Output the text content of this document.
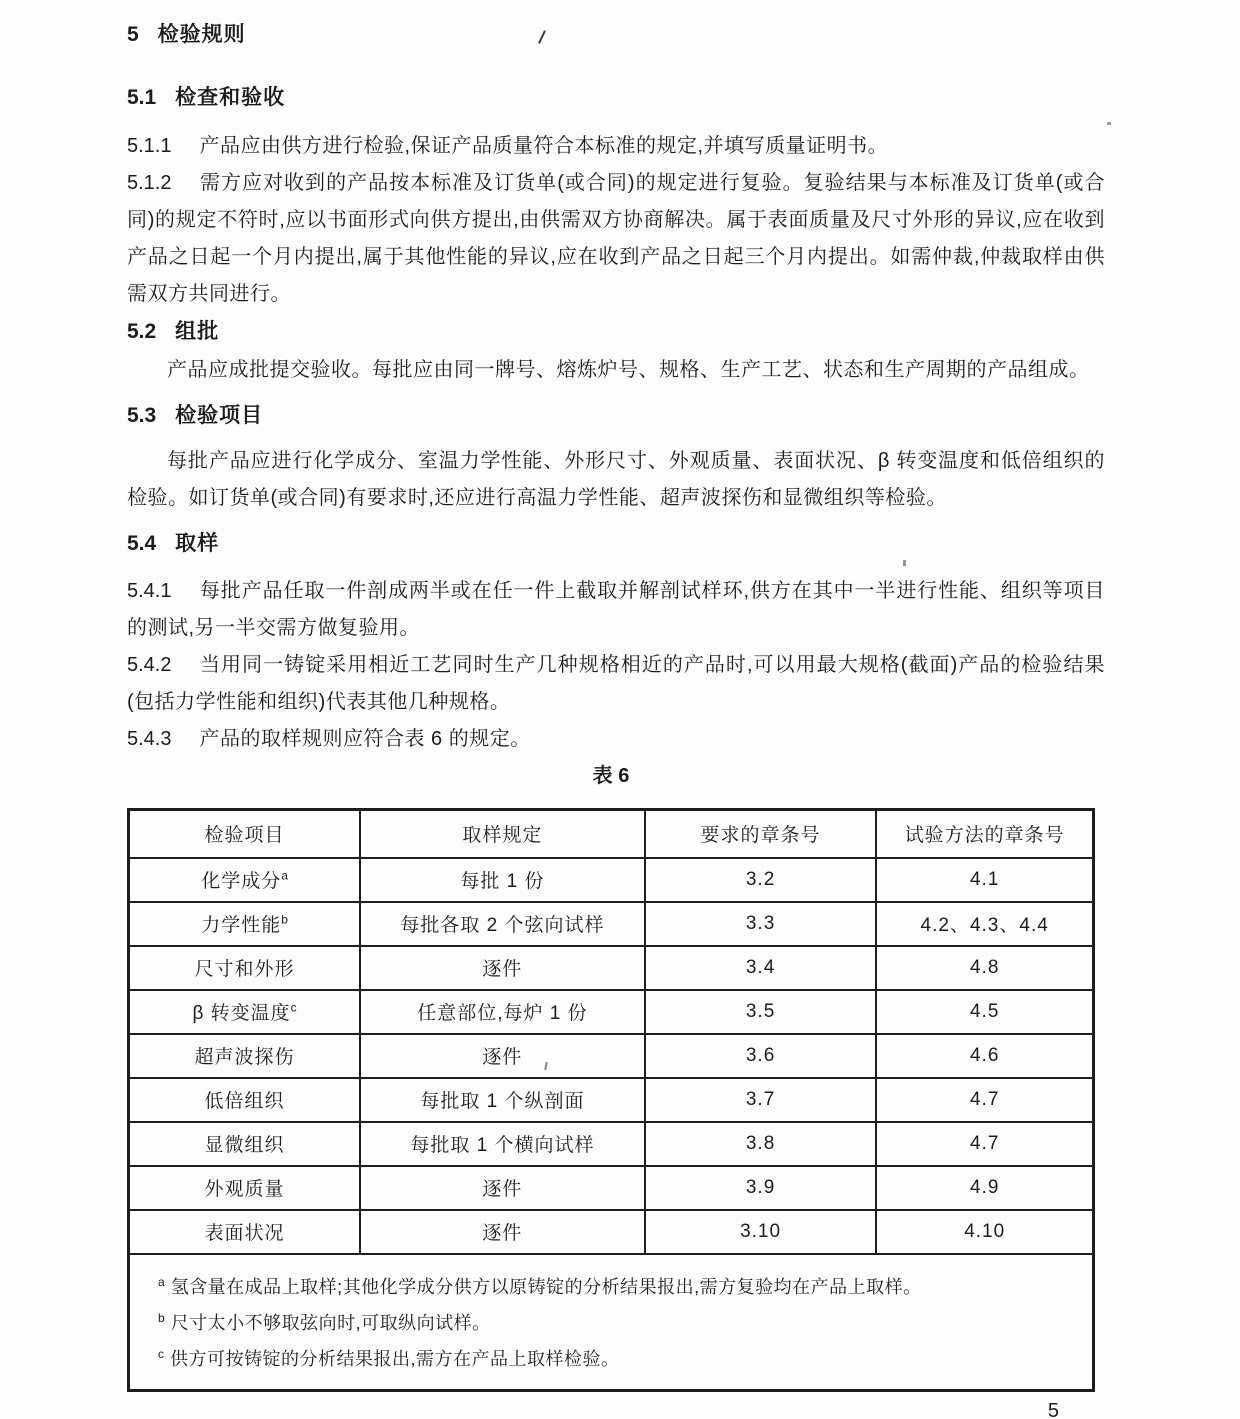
5 检验规则
5.1 检查和验收

5.1.1 产品应由供方进行检验,保证产品质量符合本标准的规定,并填写质量证明书。

5.1.2 需方应对收到的产品按本标准及订货单(或合同)的规定进行复验。复验结果与本标准及订货单(或合同)的规定不符时,应以书面形式向供方提出,由供需双方协商解决。属于表面质量及尺寸外形的异议,应在收到产品之日起一个月内提出,属于其他性能的异议,应在收到产品之日起三个月内提出。如需仲裁,仲裁取样由供需双方共同进行。

5.2 组批

产品应成批提交验收。每批应由同一牌号、熔炼炉号、规格、生产工艺、状态和生产周期的产品组成。

5.3 检验项目

每批产品应进行化学成分、室温力学性能、外形尺寸、外观质量、表面状况、β 转变温度和低倍组织的检验。如订货单(或合同)有要求时,还应进行高温力学性能、超声波探伤和显微组织等检验。

5.4 取样

5.4.1 每批产品任取一件剖成两半或在任一件上截取并解剖试样环,供方在其中一半进行性能、组织等项目的测试,另一半交需方做复验用。

5.4.2 当用同一铸锭采用相近工艺同时生产几种规格相近的产品时,可以用最大规格(截面)产品的检验结果(包括力学性能和组织)代表其他几种规格。

5.4.3 产品的取样规则应符合表 6 的规定。

表 6
检验项目	取样规定	要求的章条号	试验方法的章条号
化学成分$^a$	每批 1 份	3.2	4.1
力学性能$^b$	每批各取 2 个弦向试样	3.3	4.2、4.3、4.4
尺寸和外形	逐件	3.4	4.8
β 转变温度$^c$	任意部位,每炉 1 份	3.5	4.5
超声波探伤	逐件	3.6	4.6
低倍组织	每批取 1 个纵剖面	3.7	4.7
显微组织	每批取 1 个横向试样	3.8	4.7
外观质量	逐件	3.9	4.9
表面状况	逐件	3.10	4.10

$^a$ 氢含量在成品上取样;其他化学成分供方以原铸锭的分析结果报出,需方复验均在产品上取样。
$^b$ 尺寸太小不够取弦向时,可取纵向试样。
$^c$ 供方可按铸锭的分析结果报出,需方在产品上取样检验。			
5
